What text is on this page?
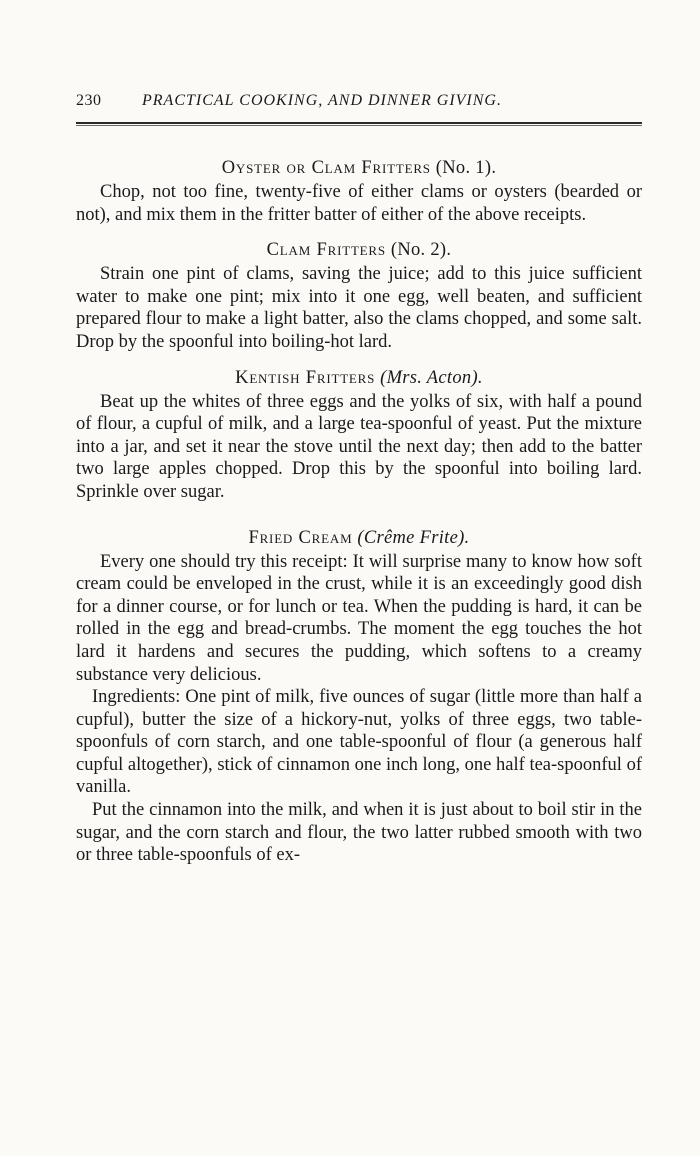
230	PRACTICAL COOKING, AND DINNER GIVING.
Oyster or Clam Fritters (No. 1).

Chop, not too fine, twenty-five of either clams or oysters (bearded or not), and mix them in the fritter batter of either of the above receipts.

Clam Fritters (No. 2).

Strain one pint of clams, saving the juice; add to this juice sufficient water to make one pint; mix into it one egg, well beaten, and sufficient prepared flour to make a light batter, also the clams chopped, and some salt. Drop by the spoonful into boiling-hot lard.

Kentish Fritters (Mrs. Acton).

Beat up the whites of three eggs and the yolks of six, with half a pound of flour, a cupful of milk, and a large tea-spoonful of yeast. Put the mixture into a jar, and set it near the stove until the next day; then add to the batter two large apples chopped. Drop this by the spoonful into boiling lard. Sprinkle over sugar.

Fried Cream (Crême Frite).

Every one should try this receipt: It will surprise many to know how soft cream could be enveloped in the crust, while it is an exceedingly good dish for a dinner course, or for lunch or tea. When the pudding is hard, it can be rolled in the egg and bread-crumbs. The moment the egg touches the hot lard it hardens and secures the pudding, which softens to a creamy substance very delicious.

Ingredients: One pint of milk, five ounces of sugar (little more than half a cupful), butter the size of a hickory-nut, yolks of three eggs, two table-spoonfuls of corn starch, and one table-spoonful of flour (a generous half cupful altogether), stick of cinnamon one inch long, one half tea-spoonful of vanilla.

Put the cinnamon into the milk, and when it is just about to boil stir in the sugar, and the corn starch and flour, the two latter rubbed smooth with two or three table-spoonfuls of ex-
